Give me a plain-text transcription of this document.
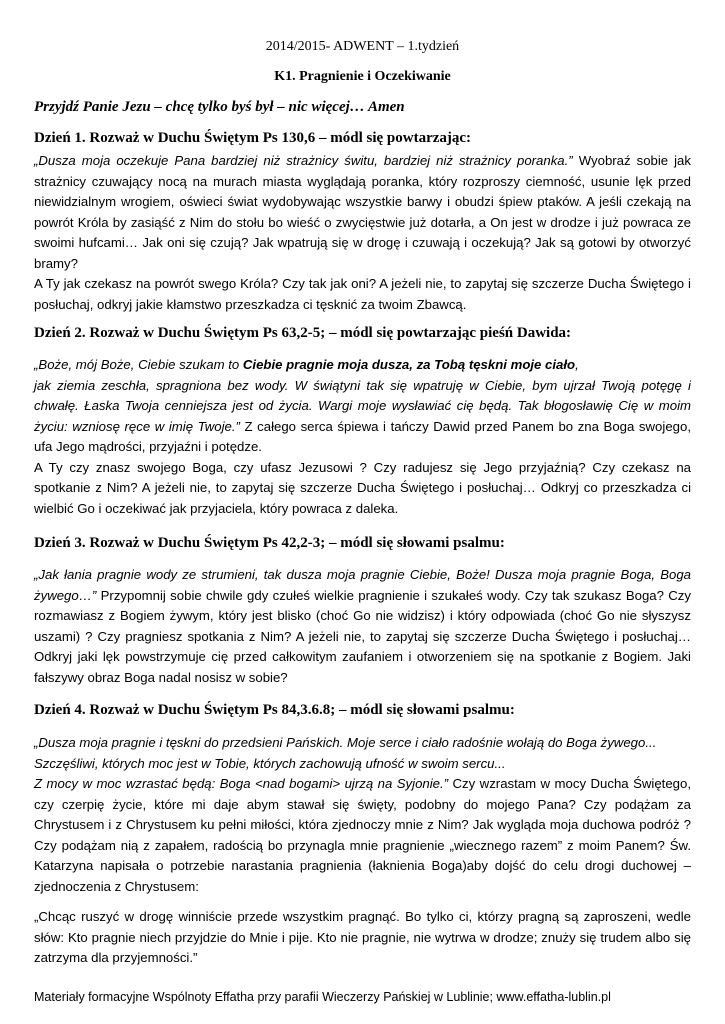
2014/2015- ADWENT – 1.tydzień
K1. Pragnienie i Oczekiwanie
Przyjdź Panie Jezu – chcę tylko byś był – nic więcej… Amen
Dzień 1. Rozważ w Duchu Świętym Ps 130,6 – módl się powtarzając:

„Dusza moja oczekuje Pana bardziej niż strażnicy świtu, bardziej niż strażnicy poranka.” Wyobraź sobie jak strażnicy czuwający nocą na murach miasta wyglądają poranka, który rozproszy ciemność, usunie lęk przed niewidzialnym wrogiem, oświeci świat wydobywając wszystkie barwy i obudzi śpiew ptaków. A jeśli czekają na powrót Króla by zasiąść z Nim do stołu bo wieść o zwycięstwie już dotarła, a On jest w drodze i już powraca ze swoimi hufcami… Jak oni się czują? Jak wpatrują się w drogę i czuwają i oczekują? Jak są gotowi by otworzyć bramy?

A Ty jak czekasz na powrót swego Króla? Czy tak jak oni? A jeżeli nie, to zapytaj się szczerze Ducha Świętego i posłuchaj, odkryj jakie kłamstwo przeszkadza ci tęsknić za twoim Zbawcą.

Dzień 2. Rozważ w Duchu Świętym Ps 63,2-5; – módl się powtarzając pieśń Dawida:

„Boże, mój Boże, Ciebie szukam to Ciebie pragnie moja dusza, za Tobą tęskni moje ciało,

jak ziemia zeschła, spragniona bez wody. W świątyni tak się wpatruję w Ciebie, bym ujrzał Twoją potęgę i chwałę. Łaska Twoja cenniejsza jest od życia. Wargi moje wysławiać cię będą. Tak błogosławię Cię w moim życiu: wzniosę ręce w imię Twoje.” Z całego serca śpiewa i tańczy Dawid przed Panem bo zna Boga swojego, ufa Jego mądrości, przyjaźni i potędze.

A Ty czy znasz swojego Boga, czy ufasz Jezusowi ? Czy radujesz się Jego przyjaźnią? Czy czekasz na spotkanie z Nim? A jeżeli nie, to zapytaj się szczerze Ducha Świętego i posłuchaj… Odkryj co przeszkadza ci wielbić Go i oczekiwać jak przyjaciela, który powraca z daleka.

Dzień 3. Rozważ w Duchu Świętym Ps 42,2-3; – módl się słowami psalmu:

„Jak łania pragnie wody ze strumieni, tak dusza moja pragnie Ciebie, Boże! Dusza moja pragnie Boga, Boga żywego…” Przypomnij sobie chwile gdy czułeś wielkie pragnienie i szukałeś wody. Czy tak szukasz Boga? Czy rozmawiasz z Bogiem żywym, który jest blisko (choć Go nie widzisz) i który odpowiada (choć Go nie słyszysz uszami) ? Czy pragniesz spotkania z Nim? A jeżeli nie, to zapytaj się szczerze Ducha Świętego i posłuchaj… Odkryj jaki lęk powstrzymuje cię przed całkowitym zaufaniem i otworzeniem się na spotkanie z Bogiem. Jaki fałszywy obraz Boga nadal nosisz w sobie?

Dzień 4. Rozważ w Duchu Świętym Ps 84,3.6.8; – módl się słowami psalmu:

„Dusza moja pragnie i tęskni do przedsieni Pańskich. Moje serce i ciało radośnie wołają do Boga żywego...

Szczęśliwi, których moc jest w Tobie, których zachowują ufność w swoim sercu...

Z mocy w moc wzrastać będą: Boga <nad bogami> ujrzą na Syjonie.” Czy wzrastam w mocy Ducha Świętego, czy czerpię życie, które mi daje abym stawał się święty, podobny do mojego Pana? Czy podążam za Chrystusem i z Chrystusem ku pełni miłości, która zjednoczy mnie z Nim? Jak wygląda moja duchowa podróż ? Czy podążam nią z zapałem, radością bo przynagla mnie pragnienie „wiecznego razem” z moim Panem? Św. Katarzyna napisała o potrzebie narastania pragnienia (łaknienia Boga)aby dojść do celu drogi duchowej – zjednoczenia z Chrystusem:

„Chcąc ruszyć w drogę winniście przede wszystkim pragnąć. Bo tylko ci, którzy pragną są zaproszeni, wedle słów: Kto pragnie niech przyjdzie do Mnie i pije. Kto nie pragnie, nie wytrwa w drodze; znuży się trudem albo się zatrzyma dla przyjemności.”
Materiały formacyjne Wspólnoty Effatha przy parafii Wieczerzy Pańskiej w Lublinie; www.effatha-lublin.pl
